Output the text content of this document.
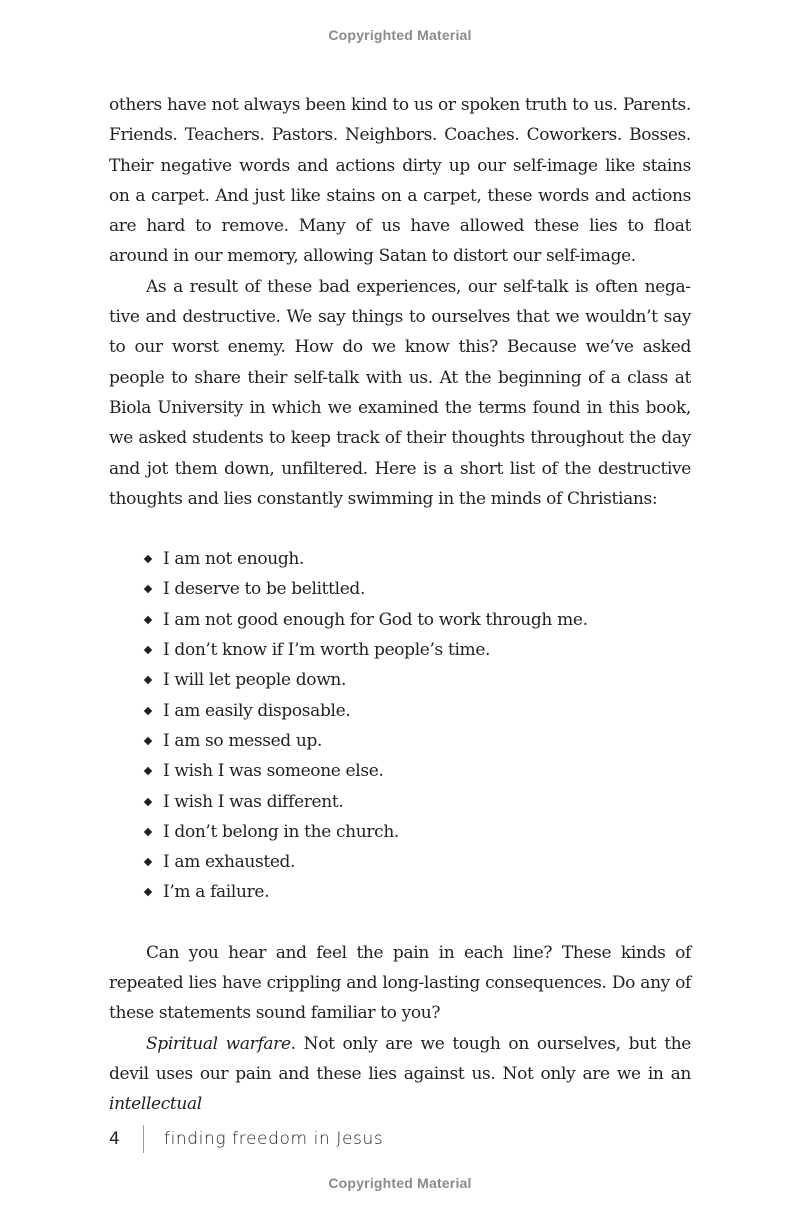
Copyrighted Material

others have not always been kind to us or spoken truth to us. Parents. Friends. Teachers. Pastors. Neighbors. Coaches. Coworkers. Bosses. Their negative words and actions dirty up our self-image like stains on a carpet. And just like stains on a carpet, these words and actions are hard to remove. Many of us have allowed these lies to float around in our memory, allowing Satan to distort our self-image.

As a result of these bad experiences, our self-talk is often negative and destructive. We say things to ourselves that we wouldn’t say to our worst enemy. How do we know this? Because we’ve asked people to share their self-talk with us. At the beginning of a class at Biola University in which we examined the terms found in this book, we asked students to keep track of their thoughts throughout the day and jot them down, unfiltered. Here is a short list of the destructive thoughts and lies constantly swimming in the minds of Christians:

I am not enough.
I deserve to be belittled.
I am not good enough for God to work through me.
I don’t know if I’m worth people’s time.
I will let people down.
I am easily disposable.
I am so messed up.
I wish I was someone else.
I wish I was different.
I don’t belong in the church.
I am exhausted.
I’m a failure.

Can you hear and feel the pain in each line? These kinds of repeated lies have crippling and long-lasting consequences. Do any of these statements sound familiar to you?

Spiritual warfare. Not only are we tough on ourselves, but the devil uses our pain and these lies against us. Not only are we in an intellectual

4	finding freedom in Jesus
Copyrighted Material
